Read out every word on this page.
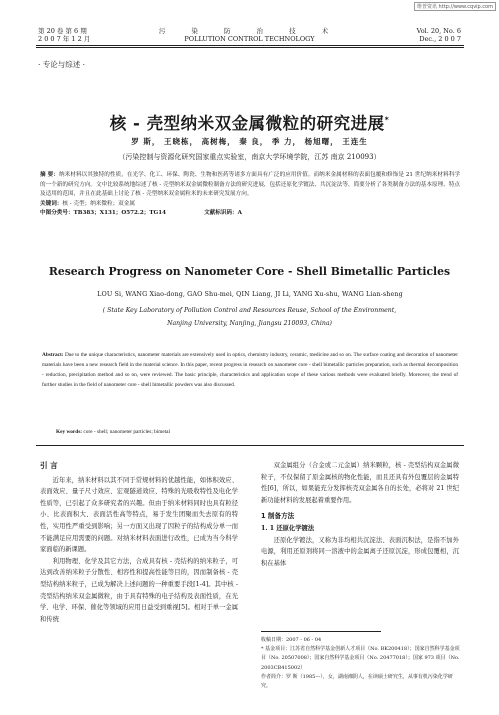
维普资讯 http://www.cqvip.com
第 20 卷 第 6 期
2 0 0 7 年 1 2 月
污 染 防 治 技 术
POLLUTION CONTROL TECHNOLOGY
Vol. 20, No. 6
Dec., 2 0 0 7
· 专论与综述 ·
核 - 壳型纳米双金属微粒的研究进展*
罗 斯， 王晓栋， 高树梅， 秦 良， 季 力， 杨旭曙， 王连生
（污染控制与资源化研究国家重点实验室，南京大学环境学院，江苏 南京 210093）
摘 要：纳米材料以其独特的性质，在光学、化工、环保、陶瓷、生物和医药等诸多方面具有广泛的应用价值。而纳米金属材料的表面包覆和修饰是 21 世纪纳米材料科学的一个新的研究方向。文中比较系统地综述了核 - 壳型纳米双金属微粒制备方法的研究进展，包括还原化学镀法、共沉淀法等，简要分析了各类制备方法的基本原理、特点及适用的范围，并且在此基础上讨论了核 - 壳型纳米双金属粒米的未来研究发展方向。
关键词：核 - 壳型；纳米微粒；双金属
中图分类号：TB383；X131；O572.2；TG14	文献标识码：A
Research Progress on Nanometer Core - Shell Bimetallic Particles
LOU Si, WANG Xiao-dong, GAO Shu-mei, QIN Liang, JI Li, YANG Xu-shu, WANG Lian-sheng
( State Key Laboratory of Pollution Control and Resources Reuse, School of the Environment,
Nanjing University, Nanjing, Jiangsu 210093, China)
Abstract: Due to the unique characteristics, nanometer materials are extensively used in optics, chemistry industry, ceramic, medicine and so on. The surface coating and decoration of nanometer materials have been a new research field in the material science. In this paper, recent progress in research on nanometer core - shell bimetallic particles preparation, such as thermal decomposition - reduction, precipitation method and so on, were reviewed. The basic principle, characteristics and application scope of these various methods were evaluated briefly. Moreover, the trend of further studies in the field of nanometer core - shell bimetallic powders was also discussed.
Key words: core - shell; nanometer particles; bimetal
引 言

近年来，纳米材料以其不同于常规材料的优越性能，如体积效应、表面效应、量子尺寸效应、宏观隧道效应、特殊的光吸收特性及电化学性质等，已引起了众多研究者的兴趣。但由于纳米材料同时也具有粒径小、比表面积大、表面活性高等特点，易于发生团聚而失去原有的特性，实用性严重受到影响；另一方面又出现了因粒子的结构成分单一而不能满足应用需要的问题。对纳米材料表面进行改性，已成为当今科学家面临的新课题。

利用物理、化学及其它方法，合成具有核 - 壳结构的纳米粒子，可达到改善纳米粒子分散性、相容性和提高性能等目的，因而制备核 - 壳型结构纳米粒子，已成为解决上述问题的一种重要手段[1-4]。其中核 - 壳型结构纳米双金属微粒，由于具有特殊的电子结构及表面性质，在光学、电学、环保、催化等领域的应用日益受到重视[5]。相对于单一金属和传统

双金属组分（合金或二元金属）纳米颗粒，核 - 壳型结构双金属微粒子，不仅保留了原金属核的物化性能，而且还具有外包覆层的金属特性[6]，所以，如果能充分发挥核壳双金属各自的长处，必将对 21 世纪新功能材料的发展起着重要作用。

1 制备方法
1. 1 还原化学镀法

还原化学镀法，又称为非均相共沉淀法、表面沉积法，是指不加外电源，利用还原剂将同一溶液中的金属离子还原沉淀，形成包覆相，沉积在基体

收稿日期：2007 - 06 - 04

* 基金项目：江苏省自然科学基金创新人才项目（No. BK200418）；国家自然科学基金项目（No. 20507008）；国家自然科学基金项目（No. 20477018）；国家 973 项目（No. 2003CB415002）

作者简介：罗 斯（1985—），女，湖南湘阴人，在读硕士研究生，从事有机污染化学研究。
